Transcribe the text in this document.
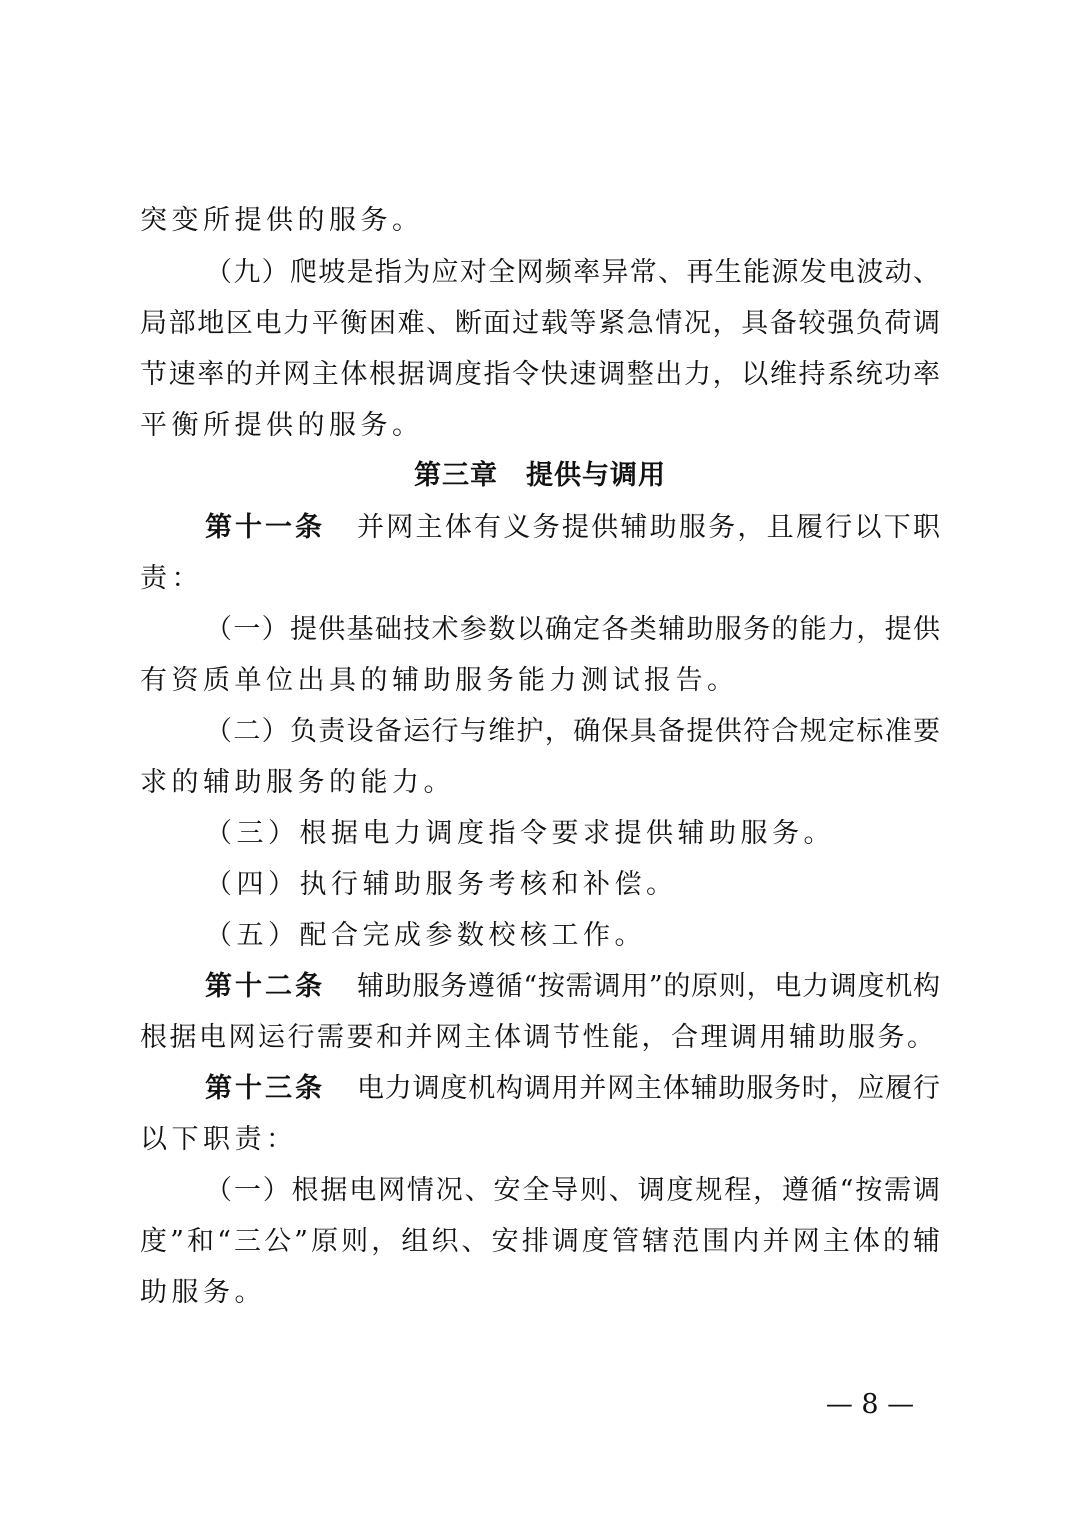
突变所提供的服务。
（九）爬坡是指为应对全网频率异常、再生能源发电波动、
局部地区电力平衡困难、断面过载等紧急情况，具备较强负荷调
节速率的并网主体根据调度指令快速调整出力，以维持系统功率
平衡所提供的服务。
第三章　提供与调用
第十一条 并网主体有义务提供辅助服务，且履行以下职
责：
（一）提供基础技术参数以确定各类辅助服务的能力，提供
有资质单位出具的辅助服务能力测试报告。
（二）负责设备运行与维护，确保具备提供符合规定标准要
求的辅助服务的能力。
（三）根据电力调度指令要求提供辅助服务。
（四）执行辅助服务考核和补偿。
（五）配合完成参数校核工作。
第十二条 辅助服务遵循“按需调用”的原则，电力调度机构
根据电网运行需要和并网主体调节性能，合理调用辅助服务。
第十三条 电力调度机构调用并网主体辅助服务时，应履行
以下职责：
（一）根据电网情况、安全导则、调度规程，遵循“按需调
度”和“三公”原则，组织、安排调度管辖范围内并网主体的辅
助服务。
— 8 —
